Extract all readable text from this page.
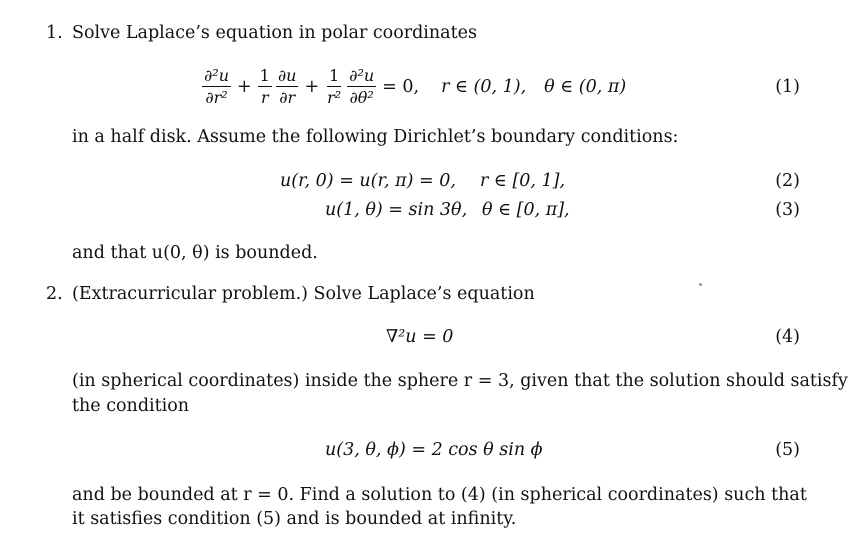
1. Solve Laplace’s equation in polar coordinates
$\frac{\text{∂²u}}{\text{∂r²}} + \frac{1}{r} \frac{\partial u}{\partial r} + \frac{1}{\text{r²}} \frac{\text{∂²u}}{\text{∂θ²}} = 0$, r ∈ (0, 1), θ ∈ (0, π)	(1)
in a half disk. Assume the following Dirichlet’s boundary conditions:
u(r, 0) = u(r, π) = 0, r ∈ [0, 1],	(2)
u(1, θ) = sin 3θ, θ ∈ [0, π],	(3)
and that u(0, θ) is bounded.
2. (Extracurricular problem.) Solve Laplace’s equation
∇²u = 0	(4)
(in spherical coordinates) inside the sphere r = 3, given that the solution should satisfy
the condition
u(3, θ, ϕ) = 2 cos θ sin ϕ	(5)
and be bounded at r = 0. Find a solution to (4) (in spherical coordinates) such that
it satisfies condition (5) and is bounded at infinity.
